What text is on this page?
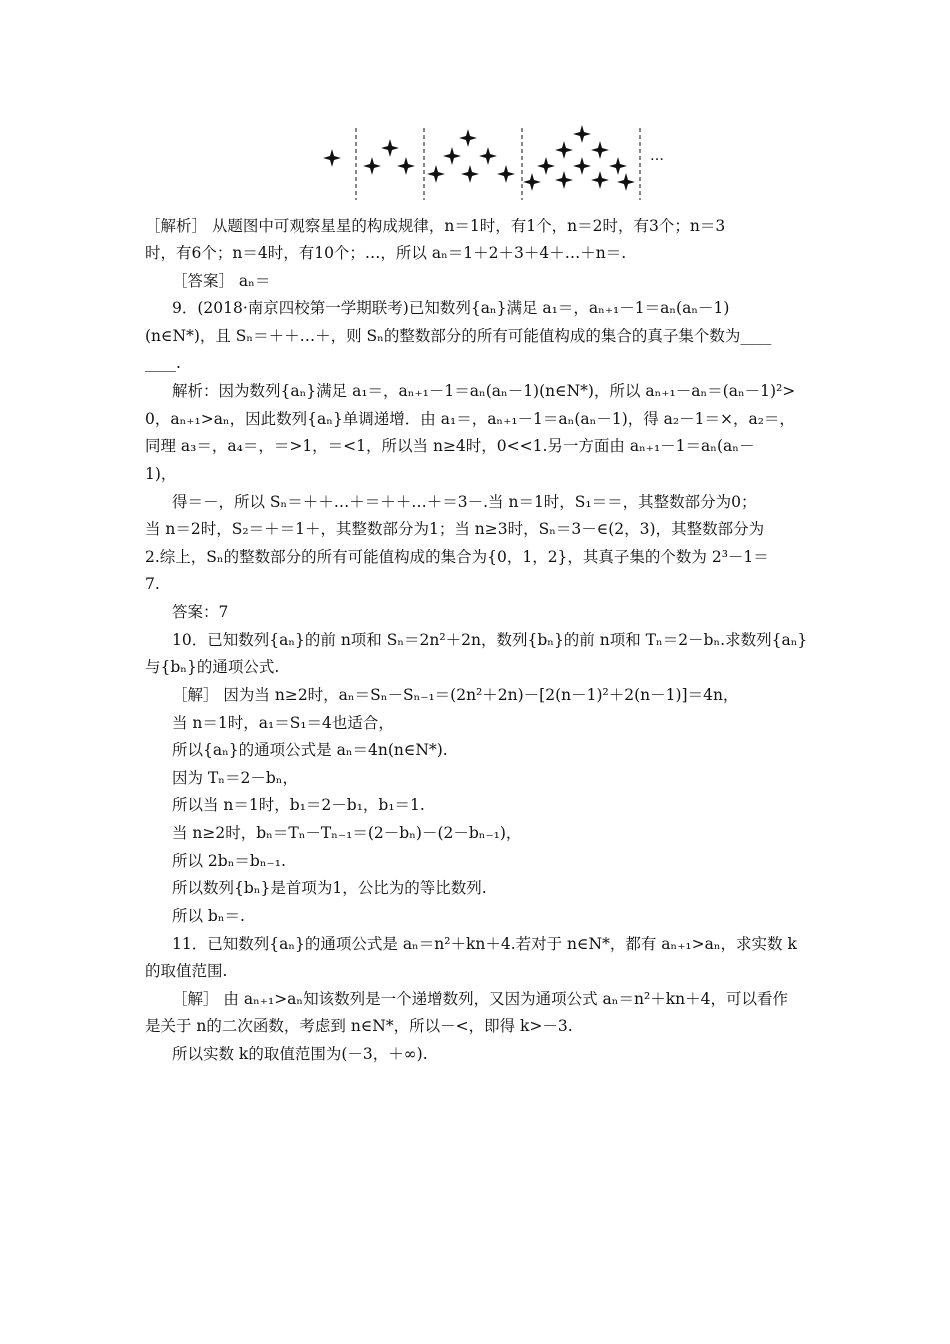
…
［解析］ 从题图中可观察星星的构成规律，n＝1时，有1个，n＝2时，有3个；n＝3
时，有6个；n＝4时，有10个；…，所以 aₙ＝1＋2＋3＋4＋…＋n＝.
［答案］ aₙ＝
9．(2018·南京四校第一学期联考)已知数列{aₙ}满足 a₁＝，aₙ₊₁－1＝aₙ(aₙ－1)
(n∈N*)，且 Sₙ＝＋＋…＋，则 Sₙ的整数部分的所有可能值构成的集合的真子集个数为____
____.
解析：因为数列{aₙ}满足 a₁＝，aₙ₊₁－1＝aₙ(aₙ－1)(n∈N*)，所以 aₙ₊₁－aₙ＝(aₙ－1)²>
0，aₙ₊₁>aₙ，因此数列{aₙ}单调递增．由 a₁＝，aₙ₊₁－1＝aₙ(aₙ－1)，得 a₂－1＝×，a₂＝，
同理 a₃＝，a₄＝，＝>1，＝<1，所以当 n≥4时，0<<1.另一方面由 aₙ₊₁－1＝aₙ(aₙ－
1)，
得＝－，所以 Sₙ＝＋＋…＋＝＋＋…＋＝3－.当 n＝1时，S₁＝＝，其整数部分为0；
当 n＝2时，S₂＝＋＝1＋，其整数部分为1；当 n≥3时，Sₙ＝3－∈(2，3)，其整数部分为
2.综上，Sₙ的整数部分的所有可能值构成的集合为{0，1，2}，其真子集的个数为 2³－1＝
7.
答案：7
10．已知数列{aₙ}的前 n项和 Sₙ＝2n²＋2n，数列{bₙ}的前 n项和 Tₙ＝2－bₙ.求数列{aₙ}
与{bₙ}的通项公式.
［解］ 因为当 n≥2时，aₙ＝Sₙ－Sₙ₋₁＝(2n²＋2n)－[2(n－1)²＋2(n－1)]＝4n，
当 n＝1时，a₁＝S₁＝4也适合，
所以{aₙ}的通项公式是 aₙ＝4n(n∈N*).
因为 Tₙ＝2－bₙ，
所以当 n＝1时，b₁＝2－b₁，b₁＝1.
当 n≥2时，bₙ＝Tₙ－Tₙ₋₁＝(2－bₙ)－(2－bₙ₋₁)，
所以 2bₙ＝bₙ₋₁.
所以数列{bₙ}是首项为1，公比为的等比数列.
所以 bₙ＝.
11．已知数列{aₙ}的通项公式是 aₙ＝n²＋kn＋4.若对于 n∈N*，都有 aₙ₊₁>aₙ，求实数 k
的取值范围.
［解］ 由 aₙ₊₁>aₙ知该数列是一个递增数列，又因为通项公式 aₙ＝n²＋kn＋4，可以看作
是关于 n的二次函数，考虑到 n∈N*，所以－<，即得 k>－3.
所以实数 k的取值范围为(－3，＋∞).
